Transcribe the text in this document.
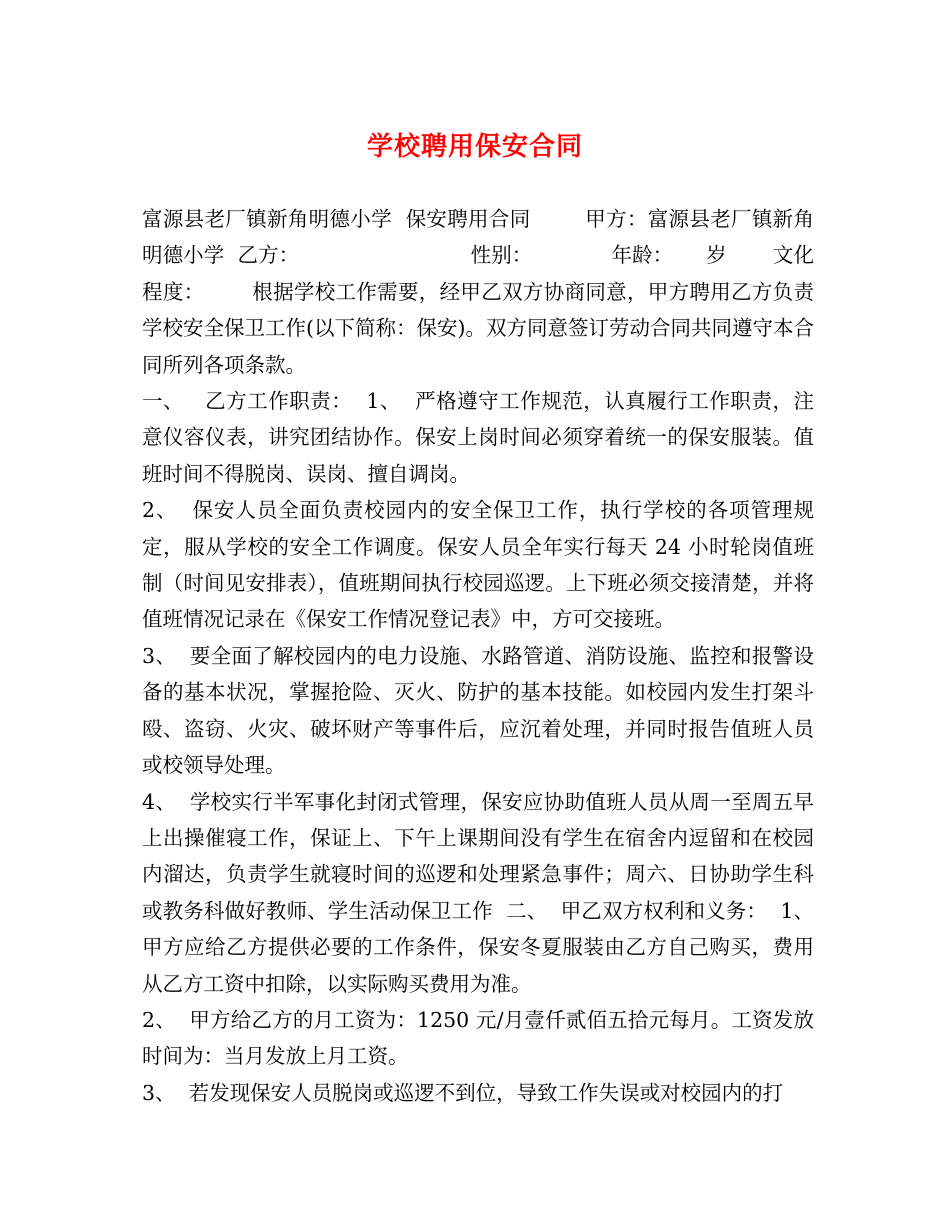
学校聘用保安合同

富源县老厂镇新角明德小学  保安聘用合同        甲方：富源县老厂镇新角明德小学  乙方：                          性别：            年龄：     岁       文化程度：       根据学校工作需要，经甲乙双方协商同意，甲方聘用乙方负责学校安全保卫工作(以下简称：保安)。双方同意签订劳动合同共同遵守本合同所列各项条款。

一、   乙方工作职责：  1、  严格遵守工作规范，认真履行工作职责，注意仪容仪表，讲究团结协作。保安上岗时间必须穿着统一的保安服装。值班时间不得脱岗、误岗、擅自调岗。

2、  保安人员全面负责校园内的安全保卫工作，执行学校的各项管理规定，服从学校的安全工作调度。保安人员全年实行每天 24 小时轮岗值班制（时间见安排表），值班期间执行校园巡逻。上下班必须交接清楚，并将值班情况记录在《保安工作情况登记表》中，方可交接班。

3、  要全面了解校园内的电力设施、水路管道、消防设施、监控和报警设备的基本状况，掌握抢险、灭火、防护的基本技能。如校园内发生打架斗殴、盗窃、火灾、破坏财产等事件后，应沉着处理，并同时报告值班人员或校领导处理。

4、  学校实行半军事化封闭式管理，保安应协助值班人员从周一至周五早上出操催寝工作，保证上、下午上课期间没有学生在宿舍内逗留和在校园内溜达，负责学生就寝时间的巡逻和处理紧急事件；周六、日协助学生科或教务科做好教师、学生活动保卫工作  二、  甲乙双方权利和义务：  1、  甲方应给乙方提供必要的工作条件，保安冬夏服装由乙方自己购买，费用从乙方工资中扣除，以实际购买费用为准。

2、  甲方给乙方的月工资为：1250 元/月壹仟贰佰五拾元每月。工资发放时间为：当月发放上月工资。

3、  若发现保安人员脱岗或巡逻不到位，导致工作失误或对校园内的打
